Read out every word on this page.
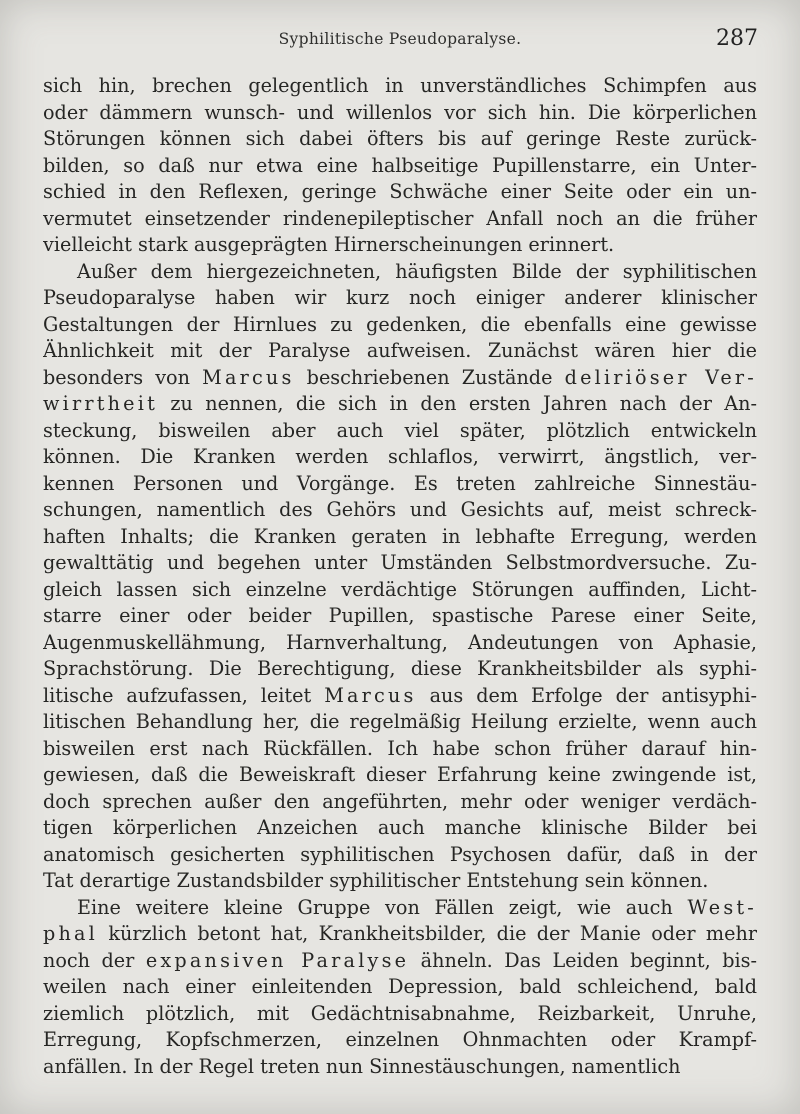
Syphilitische Pseudoparalyse.	287
sich hin, brechen gelegentlich in unverständliches Schimpfen aus
oder dämmern wunsch- und willenlos vor sich hin. Die körperlichen
Störungen können sich dabei öfters bis auf geringe Reste zurück-
bilden, so daß nur etwa eine halbseitige Pupillenstarre, ein Unter-
schied in den Reflexen, geringe Schwäche einer Seite oder ein un-
vermutet einsetzender rindenepileptischer Anfall noch an die früher
vielleicht stark ausgeprägten Hirnerscheinungen erinnert.
Außer dem hiergezeichneten, häufigsten Bilde der syphilitischen
Pseudoparalyse haben wir kurz noch einiger anderer klinischer
Gestaltungen der Hirnlues zu gedenken, die ebenfalls eine gewisse
Ähnlichkeit mit der Paralyse aufweisen. Zunächst wären hier die
besonders von Marcus beschriebenen Zustände deliriöser Ver-
wirrtheit zu nennen, die sich in den ersten Jahren nach der An-
steckung, bisweilen aber auch viel später, plötzlich entwickeln
können. Die Kranken werden schlaflos, verwirrt, ängstlich, ver-
kennen Personen und Vorgänge. Es treten zahlreiche Sinnestäu-
schungen, namentlich des Gehörs und Gesichts auf, meist schreck-
haften Inhalts; die Kranken geraten in lebhafte Erregung, werden
gewalttätig und begehen unter Umständen Selbstmordversuche. Zu-
gleich lassen sich einzelne verdächtige Störungen auffinden, Licht-
starre einer oder beider Pupillen, spastische Parese einer Seite,
Augenmuskellähmung, Harnverhaltung, Andeutungen von Aphasie,
Sprachstörung. Die Berechtigung, diese Krankheitsbilder als syphi-
litische aufzufassen, leitet Marcus aus dem Erfolge der antisyphi-
litischen Behandlung her, die regelmäßig Heilung erzielte, wenn auch
bisweilen erst nach Rückfällen. Ich habe schon früher darauf hin-
gewiesen, daß die Beweiskraft dieser Erfahrung keine zwingende ist,
doch sprechen außer den angeführten, mehr oder weniger verdäch-
tigen körperlichen Anzeichen auch manche klinische Bilder bei
anatomisch gesicherten syphilitischen Psychosen dafür, daß in der
Tat derartige Zustandsbilder syphilitischer Entstehung sein können.
Eine weitere kleine Gruppe von Fällen zeigt, wie auch West-
phal kürzlich betont hat, Krankheitsbilder, die der Manie oder mehr
noch der expansiven Paralyse ähneln. Das Leiden beginnt, bis-
weilen nach einer einleitenden Depression, bald schleichend, bald
ziemlich plötzlich, mit Gedächtnisabnahme, Reizbarkeit, Unruhe,
Erregung, Kopfschmerzen, einzelnen Ohnmachten oder Krampf-
anfällen. In der Regel treten nun Sinnestäuschungen, namentlich
